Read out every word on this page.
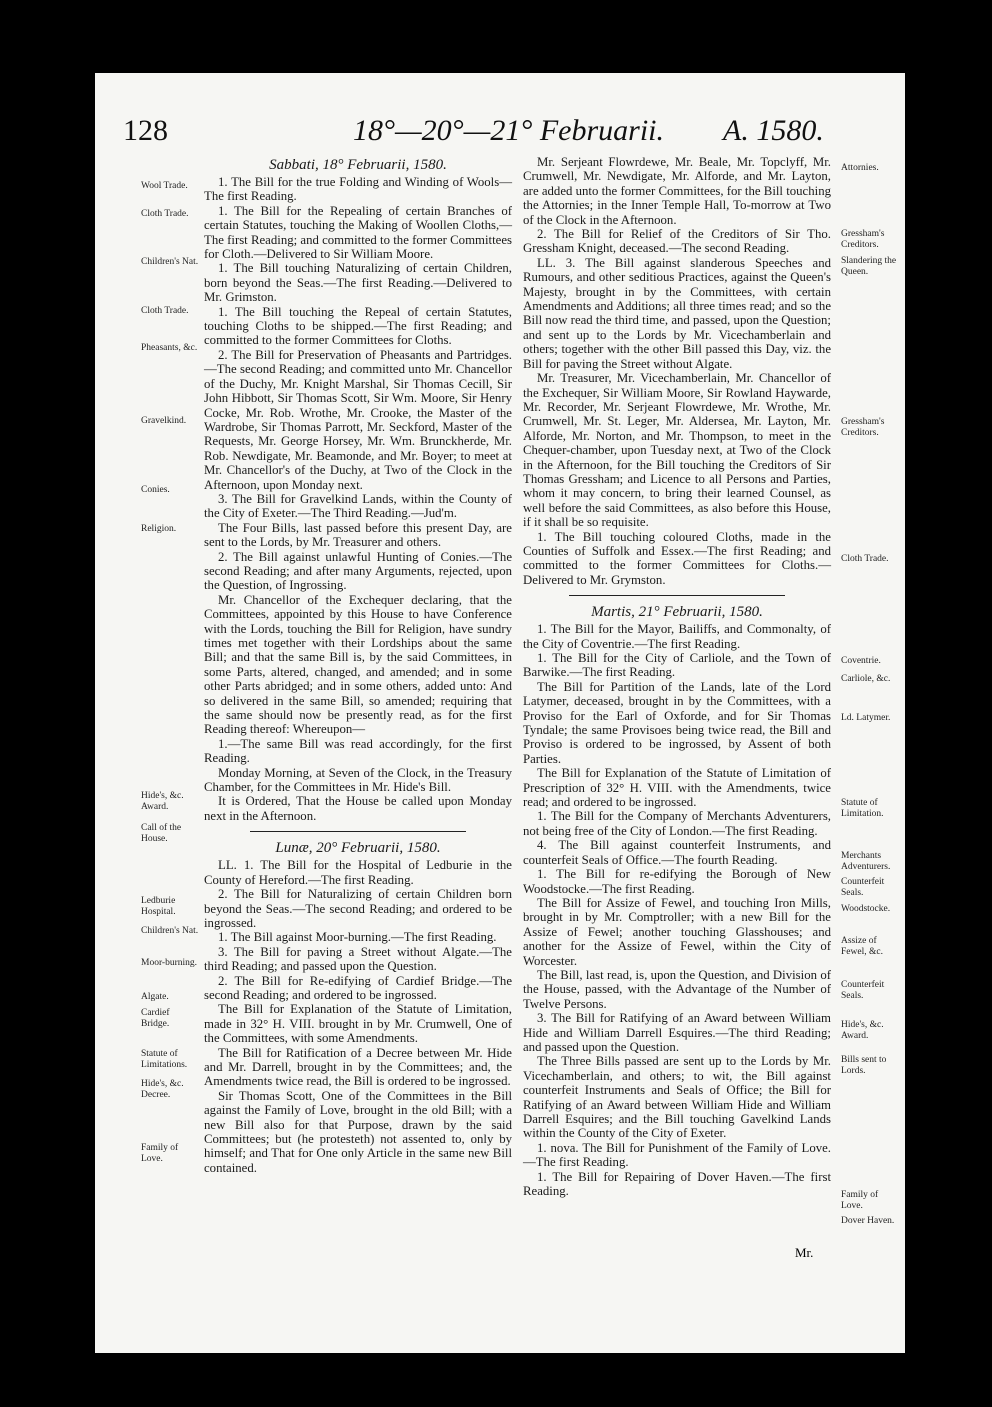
128	18°—20°—21° Februarii. A. 1580.
Wool Trade.
Cloth Trade.
Children's Nat.
Cloth Trade.
Pheasants, &c.
Gravelkind.
Conies.
Religion.
Hide's, &c. Award.
Call of the House.
Ledburie Hospital.
Children's Nat.
Moor-burning.
Algate.
Cardief Bridge.
Statute of Limitations.
Hide's, &c. Decree.
Family of Love.
Sabbati, 18° Februarii, 1580.

1. The Bill for the true Folding and Winding of Wools—The first Reading.

1. The Bill for the Repealing of certain Branches of certain Statutes, touching the Making of Woollen Cloths,—The first Reading; and committed to the former Committees for Cloth.—Delivered to Sir William Moore.

1. The Bill touching Naturalizing of certain Children, born beyond the Seas.—The first Reading.—Delivered to Mr. Grimston.

1. The Bill touching the Repeal of certain Statutes, touching Cloths to be shipped.—The first Reading; and committed to the former Committees for Cloths.

2. The Bill for Preservation of Pheasants and Partridges.—The second Reading; and committed unto Mr. Chancellor of the Duchy, Mr. Knight Marshal, Sir Thomas Cecill, Sir John Hibbott, Sir Thomas Scott, Sir Wm. Moore, Sir Henry Cocke, Mr. Rob. Wrothe, Mr. Crooke, the Master of the Wardrobe, Sir Thomas Parrott, Mr. Seckford, Master of the Requests, Mr. George Horsey, Mr. Wm. Brunckherde, Mr. Rob. Newdigate, Mr. Beamonde, and Mr. Boyer; to meet at Mr. Chancellor's of the Duchy, at Two of the Clock in the Afternoon, upon Monday next.

3. The Bill for Gravelkind Lands, within the County of the City of Exeter.—The Third Reading.—Jud'm.

The Four Bills, last passed before this present Day, are sent to the Lords, by Mr. Treasurer and others.

2. The Bill against unlawful Hunting of Conies.—The second Reading; and after many Arguments, rejected, upon the Question, of Ingrossing.

Mr. Chancellor of the Exchequer declaring, that the Committees, appointed by this House to have Conference with the Lords, touching the Bill for Religion, have sundry times met together with their Lordships about the same Bill; and that the same Bill is, by the said Committees, in some Parts, altered, changed, and amended; and in some other Parts abridged; and in some others, added unto: And so delivered in the same Bill, so amended; requiring that the same should now be presently read, as for the first Reading thereof: Whereupon—

1.—The same Bill was read accordingly, for the first Reading.

Monday Morning, at Seven of the Clock, in the Treasury Chamber, for the Committees in Mr. Hide's Bill.

It is Ordered, That the House be called upon Monday next in the Afternoon.

Lunæ, 20° Februarii, 1580.

LL. 1. The Bill for the Hospital of Ledburie in the County of Hereford.—The first Reading.

2. The Bill for Naturalizing of certain Children born beyond the Seas.—The second Reading; and ordered to be ingrossed.

1. The Bill against Moor-burning.—The first Reading.

3. The Bill for paving a Street without Algate.—The third Reading; and passed upon the Question.

2. The Bill for Re-edifying of Cardief Bridge.—The second Reading; and ordered to be ingrossed.

The Bill for Explanation of the Statute of Limitation, made in 32° H. VIII. brought in by Mr. Crumwell, One of the Committees, with some Amendments.

The Bill for Ratification of a Decree between Mr. Hide and Mr. Darrell, brought in by the Committees; and, the Amendments twice read, the Bill is ordered to be ingrossed.

Sir Thomas Scott, One of the Committees in the Bill against the Family of Love, brought in the old Bill; with a new Bill also for that Purpose, drawn by the said Committees; but (he protesteth) not assented to, only by himself; and That for One only Article in the same new Bill contained.

Mr. Serjeant Flowrdewe, Mr. Beale, Mr. Topclyff, Mr. Crumwell, Mr. Newdigate, Mr. Alforde, and Mr. Layton, are added unto the former Committees, for the Bill touching the Attornies; in the Inner Temple Hall, To-morrow at Two of the Clock in the Afternoon.

2. The Bill for Relief of the Creditors of Sir Tho. Gressham Knight, deceased.—The second Reading.

LL. 3. The Bill against slanderous Speeches and Rumours, and other seditious Practices, against the Queen's Majesty, brought in by the Committees, with certain Amendments and Additions; all three times read; and so the Bill now read the third time, and passed, upon the Question; and sent up to the Lords by Mr. Vicechamberlain and others; together with the other Bill passed this Day, viz. the Bill for paving the Street without Algate.

Mr. Treasurer, Mr. Vicechamberlain, Mr. Chancellor of the Exchequer, Sir William Moore, Sir Rowland Haywarde, Mr. Recorder, Mr. Serjeant Flowrdewe, Mr. Wrothe, Mr. Crumwell, Mr. St. Leger, Mr. Aldersea, Mr. Layton, Mr. Alforde, Mr. Norton, and Mr. Thompson, to meet in the Chequer-chamber, upon Tuesday next, at Two of the Clock in the Afternoon, for the Bill touching the Creditors of Sir Thomas Gressham; and Licence to all Persons and Parties, whom it may concern, to bring their learned Counsel, as well before the said Committees, as also before this House, if it shall be so requisite.

1. The Bill touching coloured Cloths, made in the Counties of Suffolk and Essex.—The first Reading; and committed to the former Committees for Cloths.—Delivered to Mr. Grymston.

Martis, 21° Februarii, 1580.

1. The Bill for the Mayor, Bailiffs, and Commonalty, of the City of Coventrie.—The first Reading.

1. The Bill for the City of Carliole, and the Town of Barwike.—The first Reading.

The Bill for Partition of the Lands, late of the Lord Latymer, deceased, brought in by the Committees, with a Proviso for the Earl of Oxforde, and for Sir Thomas Tyndale; the same Provisoes being twice read, the Bill and Proviso is ordered to be ingrossed, by Assent of both Parties.

The Bill for Explanation of the Statute of Limitation of Prescription of 32° H. VIII. with the Amendments, twice read; and ordered to be ingrossed.

1. The Bill for the Company of Merchants Adventurers, not being free of the City of London.—The first Reading.

4. The Bill against counterfeit Instruments, and counterfeit Seals of Office.—The fourth Reading.

1. The Bill for re-edifying the Borough of New Woodstocke.—The first Reading.

The Bill for Assize of Fewel, and touching Iron Mills, brought in by Mr. Comptroller; with a new Bill for the Assize of Fewel; another touching Glasshouses; and another for the Assize of Fewel, within the City of Worcester.

The Bill, last read, is, upon the Question, and Division of the House, passed, with the Advantage of the Number of Twelve Persons.

3. The Bill for Ratifying of an Award between William Hide and William Darrell Esquires.—The third Reading; and passed upon the Question.

The Three Bills passed are sent up to the Lords by Mr. Vicechamberlain, and others; to wit, the Bill against counterfeit Instruments and Seals of Office; the Bill for Ratifying of an Award between William Hide and William Darrell Esquires; and the Bill touching Gavelkind Lands within the County of the City of Exeter.

1. nova. The Bill for Punishment of the Family of Love.—The first Reading.

1. The Bill for Repairing of Dover Haven.—The first Reading.

Attornies.
Gressham's Creditors.
Slandering the Queen.
Gressham's Creditors.
Cloth Trade.
Coventrie.
Carliole, &c.
Ld. Latymer.
Statute of Limitation.
Merchants Adventurers.
Counterfeit Seals.
Woodstocke.
Assize of Fewel, &c.
Counterfeit Seals.
Hide's, &c. Award.
Bills sent to Lords.
Family of Love.
Dover Haven.
Mr.
